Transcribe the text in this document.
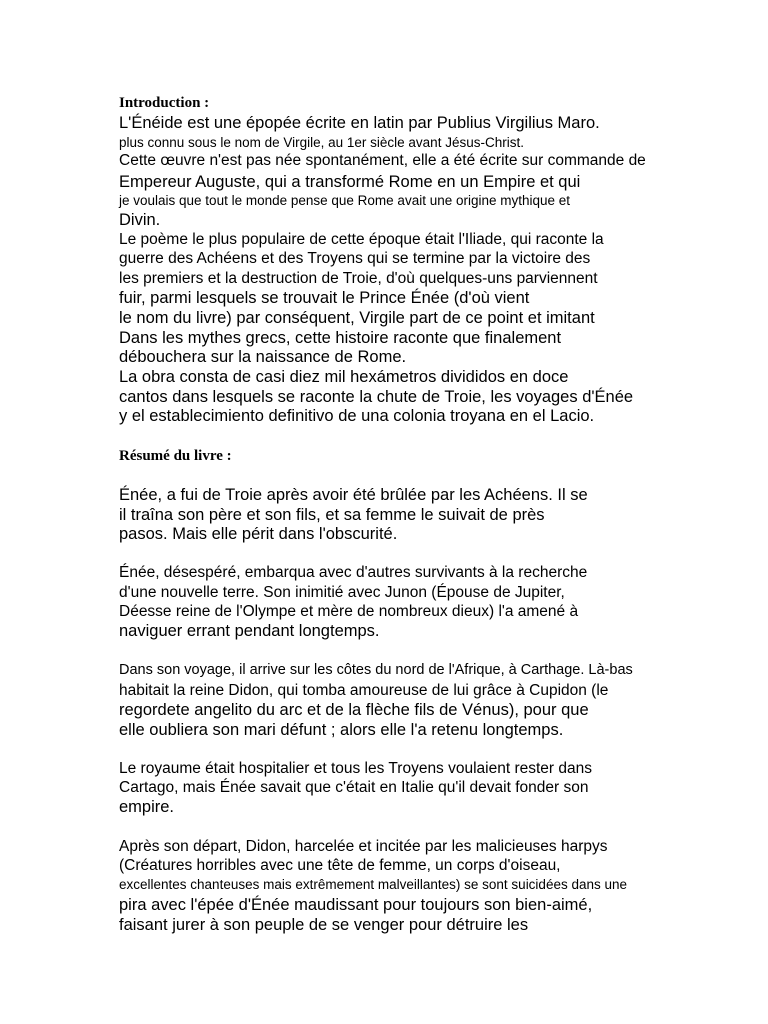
Introduction :
L'Énéide est une épopée écrite en latin par Publius Virgilius Maro.
plus connu sous le nom de Virgile, au 1er siècle avant Jésus-Christ.
Cette œuvre n'est pas née spontanément, elle a été écrite sur commande de
Empereur Auguste, qui a transformé Rome en un Empire et qui
je voulais que tout le monde pense que Rome avait une origine mythique et
Divin.
Le poème le plus populaire de cette époque était l'Iliade, qui raconte la
guerre des Achéens et des Troyens qui se termine par la victoire des
les premiers et la destruction de Troie, d'où quelques-uns parviennent
fuir, parmi lesquels se trouvait le Prince Énée (d'où vient
le nom du livre) par conséquent, Virgile part de ce point et imitant
Dans les mythes grecs, cette histoire raconte que finalement
débouchera sur la naissance de Rome.
La obra consta de casi diez mil hexámetros divididos en doce
cantos dans lesquels se raconte la chute de Troie, les voyages d'Énée
y el establecimiento definitivo de una colonia troyana en el Lacio.
Résumé du livre :
Énée, a fui de Troie après avoir été brûlée par les Achéens. Il se
il traîna son père et son fils, et sa femme le suivait de près
pasos. Mais elle périt dans l'obscurité.
Énée, désespéré, embarqua avec d'autres survivants à la recherche
d'une nouvelle terre. Son inimitié avec Junon (Épouse de Jupiter,
Déesse reine de l'Olympe et mère de nombreux dieux) l'a amené à
naviguer errant pendant longtemps.
Dans son voyage, il arrive sur les côtes du nord de l'Afrique, à Carthage. Là-bas
habitait la reine Didon, qui tomba amoureuse de lui grâce à Cupidon (le
regordete angelito du arc et de la flèche fils de Vénus), pour que
elle oubliera son mari défunt ; alors elle l'a retenu longtemps.
Le royaume était hospitalier et tous les Troyens voulaient rester dans
Cartago, mais Énée savait que c'était en Italie qu'il devait fonder son
empire.
Après son départ, Didon, harcelée et incitée par les malicieuses harpys
(Créatures horribles avec une tête de femme, un corps d'oiseau,
excellentes chanteuses mais extrêmement malveillantes) se sont suicidées dans une
pira avec l'épée d'Énée maudissant pour toujours son bien-aimé,
faisant jurer à son peuple de se venger pour détruire les
